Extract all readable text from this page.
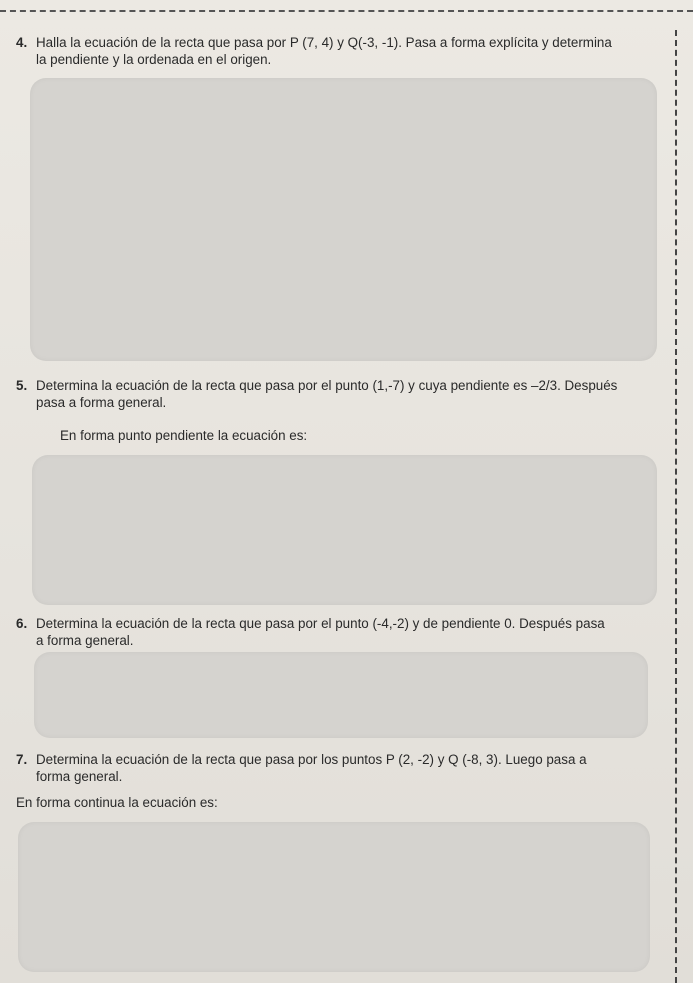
4. Halla la ecuación de la recta que pasa por P (7, 4) y Q(-3, -1). Pasa a forma explícita y determina
la pendiente y la ordenada en el origen.
5. Determina la ecuación de la recta que pasa por el punto (1,-7) y cuya pendiente es –2/3. Después
pasa a forma general.
En forma punto pendiente la ecuación es:
6. Determina la ecuación de la recta que pasa por el punto (-4,-2) y de pendiente 0. Después pasa
a forma general.
7. Determina la ecuación de la recta que pasa por los puntos P (2, -2) y Q (-8, 3). Luego pasa a
forma general.
En forma continua la ecuación es:
